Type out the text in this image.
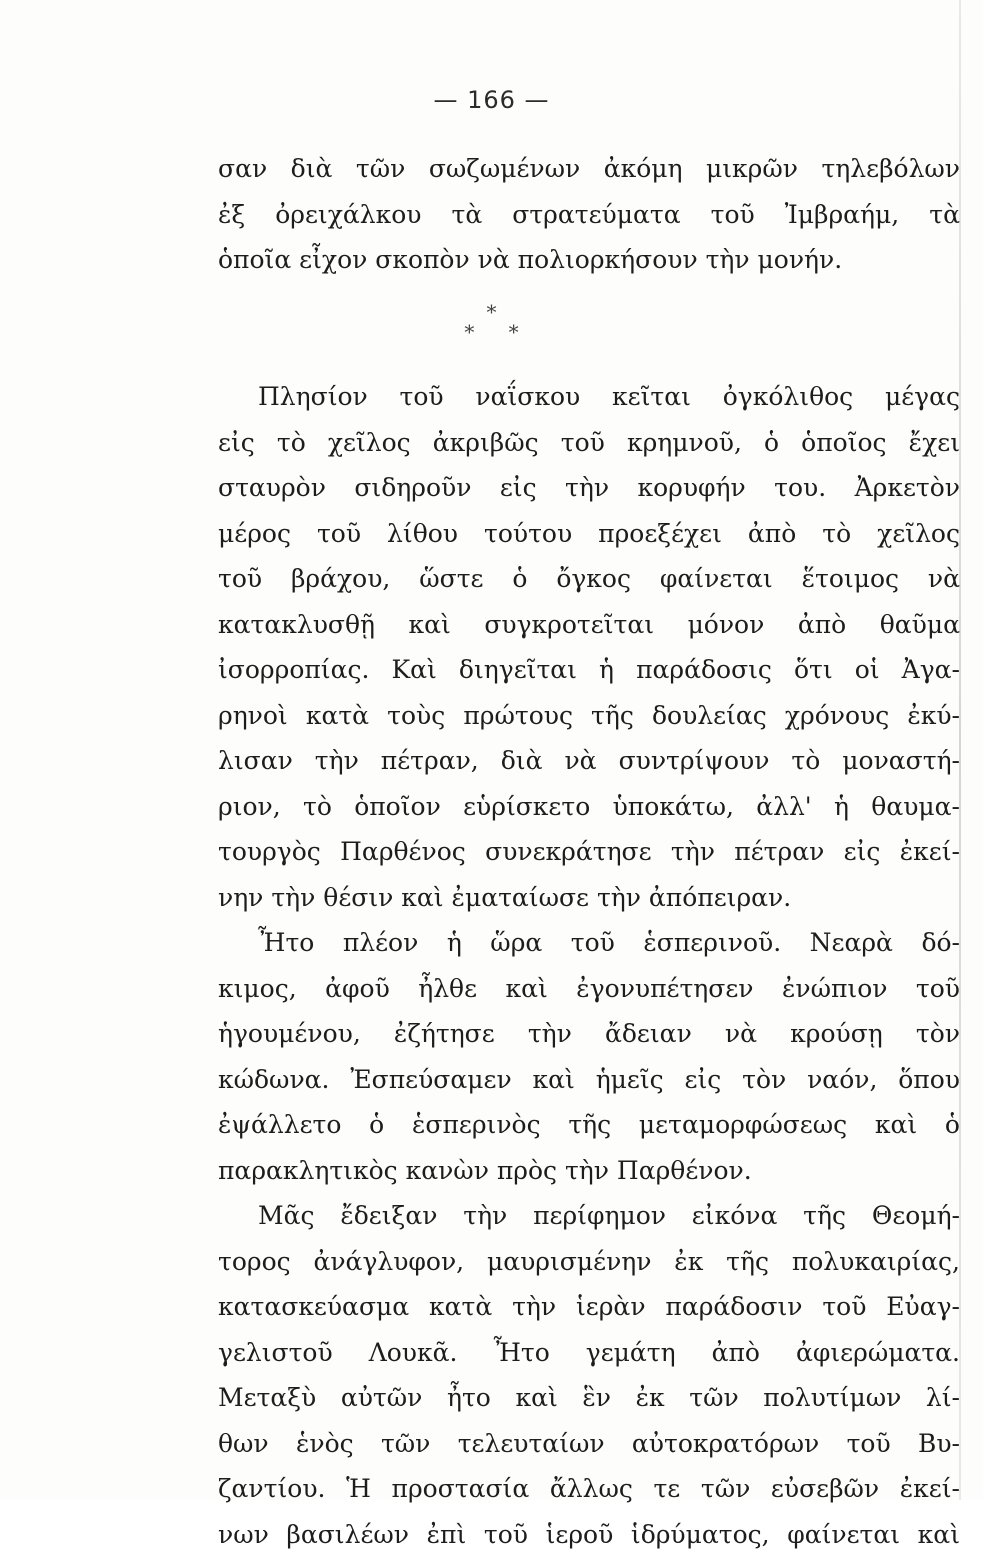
— 166 —
σαν διὰ τῶν σωζωμένων ἀκόμη μικρῶν τηλεβόλων
ἐξ ὀρειχάλκου τὰ στρατεύματα τοῦ Ἰμβραήμ, τὰ
ὁποῖα εἶχον σκοπὸν νὰ πολιορκήσουν τὴν μονήν.
*
* *
Πλησίον τοῦ ναΐσκου κεῖται ὀγκόλιθος μέγας
εἰς τὸ χεῖλος ἀκριβῶς τοῦ κρημνοῦ, ὁ ὁποῖος ἔχει
σταυρὸν σιδηροῦν εἰς τὴν κορυφήν του. Ἀρκετὸν
μέρος τοῦ λίθου τούτου προεξέχει ἀπὸ τὸ χεῖλος
τοῦ βράχου, ὥστε ὁ ὄγκος φαίνεται ἕτοιμος νὰ
κατακλυσθῇ καὶ συγκροτεῖται μόνον ἀπὸ θαῦμα
ἰσορροπίας. Καὶ διηγεῖται ἡ παράδοσις ὅτι οἱ Ἀγα-
ρηνοὶ κατὰ τοὺς πρώτους τῆς δουλείας χρόνους ἐκύ-
λισαν τὴν πέτραν, διὰ νὰ συντρίψουν τὸ μοναστή-
ριον, τὸ ὁποῖον εὑρίσκετο ὑποκάτω, ἀλλ' ἡ θαυμα-
τουργὸς Παρθένος συνεκράτησε τὴν πέτραν εἰς ἐκεί-
νην τὴν θέσιν καὶ ἐματαίωσε τὴν ἀπόπειραν.
Ἦτο πλέον ἡ ὥρα τοῦ ἑσπερινοῦ. Νεαρὰ δό-
κιμος, ἀφοῦ ἦλθε καὶ ἐγονυπέτησεν ἐνώπιον τοῦ
ἡγουμένου, ἐζήτησε τὴν ἄδειαν νὰ κρούσῃ τὸν
κώδωνα. Ἐσπεύσαμεν καὶ ἡμεῖς εἰς τὸν ναόν, ὅπου
ἐψάλλετο ὁ ἑσπερινὸς τῆς μεταμορφώσεως καὶ ὁ
παρακλητικὸς κανὼν πρὸς τὴν Παρθένον.
Μᾶς ἔδειξαν τὴν περίφημον εἰκόνα τῆς Θεομή-
τορος ἀνάγλυφον, μαυρισμένην ἐκ τῆς πολυκαιρίας,
κατασκεύασμα κατὰ τὴν ἱερὰν παράδοσιν τοῦ Εὐαγ-
γελιστοῦ Λουκᾶ. Ἦτο γεμάτη ἀπὸ ἀφιερώματα.
Μεταξὺ αὐτῶν ἦτο καὶ ἓν ἐκ τῶν πολυτίμων λί-
θων ἑνὸς τῶν τελευταίων αὐτοκρατόρων τοῦ Βυ-
ζαντίου. Ἡ προστασία ἄλλως τε τῶν εὐσεβῶν ἐκεί-
νων βασιλέων ἐπὶ τοῦ ἱεροῦ ἱδρύματος, φαίνεται καὶ
